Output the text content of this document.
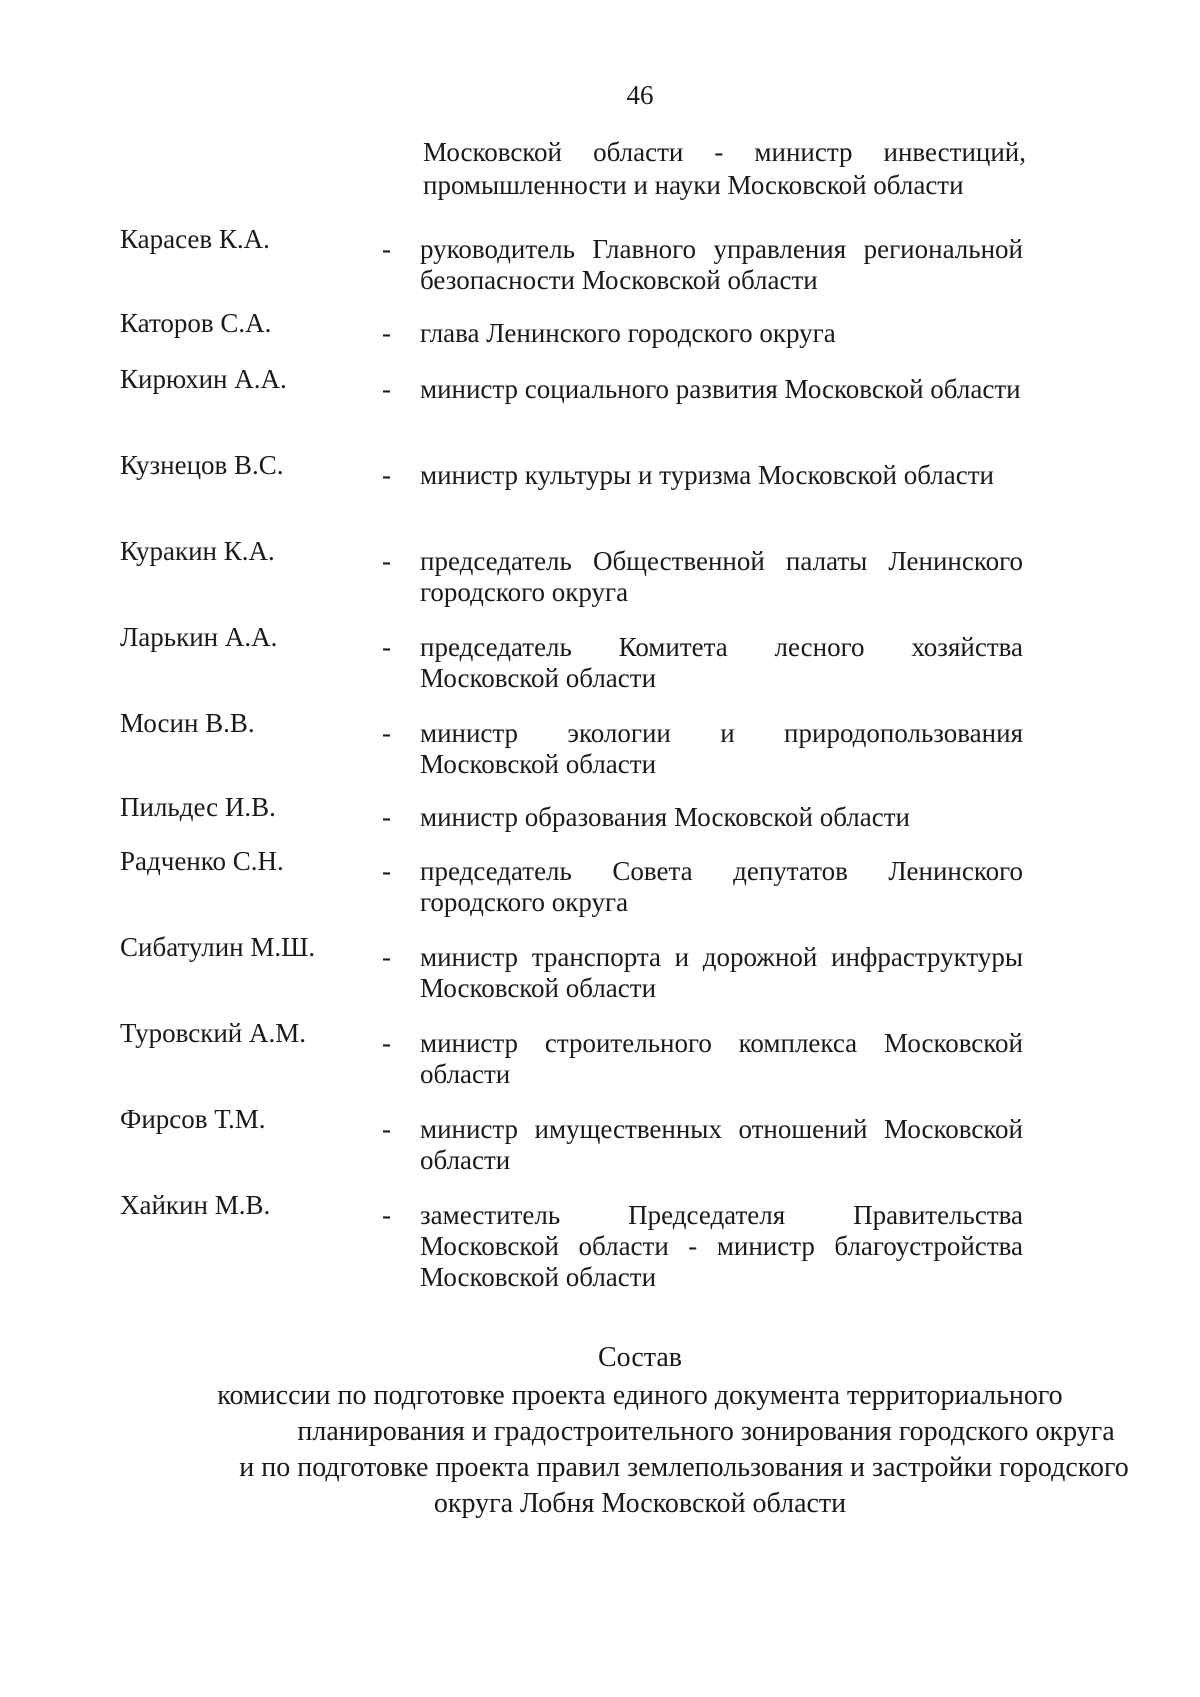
46
Московской области - министр инвестиций, промышленности и науки Московской области
Карасев К.А.	- руководитель Главного управления региональной безопасности Московской области
Каторов С.А.	- глава Ленинского городского округа
Кирюхин А.А.	- министр социального развития Московской области
Кузнецов В.С.	- министр культуры и туризма Московской области
Куракин К.А.	- председатель Общественной палаты Ленинского городского округа
Ларькин А.А.	- председатель Комитета лесного хозяйства Московской области
Мосин В.В.	- министр экологии и природопользования Московской области
Пильдес И.В.	- министр образования Московской области
Радченко С.Н.	- председатель Совета депутатов Ленинского городского округа
Сибатулин М.Ш. - министр транспорта и дорожной инфраструктуры Московской области
Туровский А.М.	- министр строительного комплекса Московской области
Фирсов Т.М.	- министр имущественных отношений Московской области
Хайкин М.В.	- заместитель Председателя Правительства Московской области - министр благоустройства Московской области
Состав
комиссии по подготовке проекта единого документа территориального
планирования и градостроительного зонирования городского округа
и по подготовке проекта правил землепользования и застройки городского
округа Лобня Московской области
